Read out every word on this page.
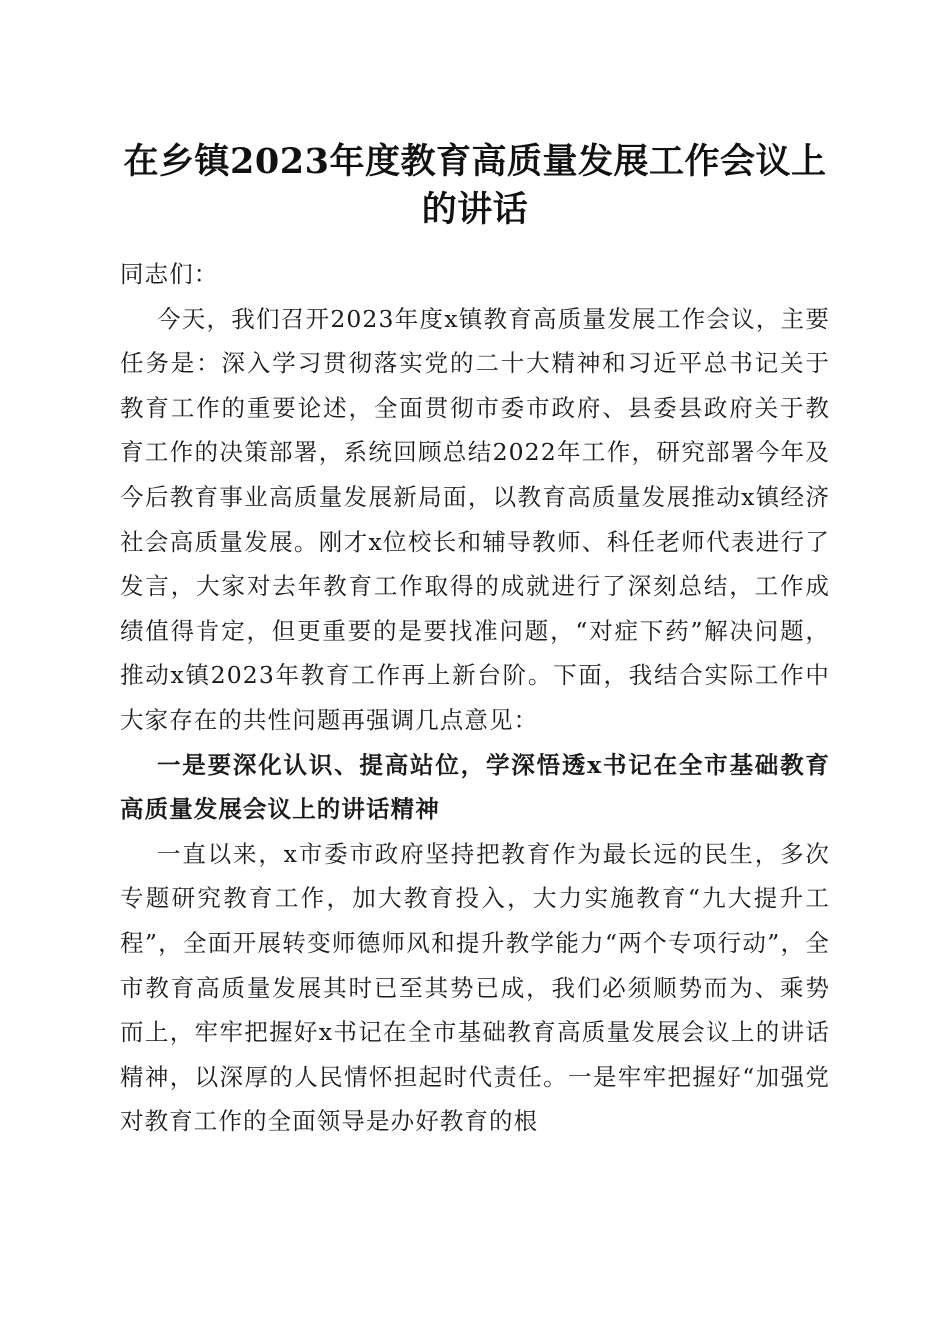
在乡镇2023年度教育高质量发展工作会议上的讲话

同志们：

今天，我们召开2023年度x镇教育高质量发展工作会议，主要任务是：深入学习贯彻落实党的二十大精神和习近平总书记关于教育工作的重要论述，全面贯彻市委市政府、县委县政府关于教育工作的决策部署，系统回顾总结2022年工作，研究部署今年及今后教育事业高质量发展新局面，以教育高质量发展推动x镇经济社会高质量发展。刚才x位校长和辅导教师、科任老师代表进行了发言，大家对去年教育工作取得的成就进行了深刻总结，工作成绩值得肯定，但更重要的是要找准问题，“对症下药”解决问题，推动x镇2023年教育工作再上新台阶。下面，我结合实际工作中大家存在的共性问题再强调几点意见：

一是要深化认识、提高站位，学深悟透x书记在全市基础教育高质量发展会议上的讲话精神

一直以来，x市委市政府坚持把教育作为最长远的民生，多次专题研究教育工作，加大教育投入，大力实施教育“九大提升工程”，全面开展转变师德师风和提升教学能力“两个专项行动”，全市教育高质量发展其时已至其势已成，我们必须顺势而为、乘势而上，牢牢把握好x书记在全市基础教育高质量发展会议上的讲话精神，以深厚的人民情怀担起时代责任。一是牢牢把握好“加强党对教育工作的全面领导是办好教育的根
